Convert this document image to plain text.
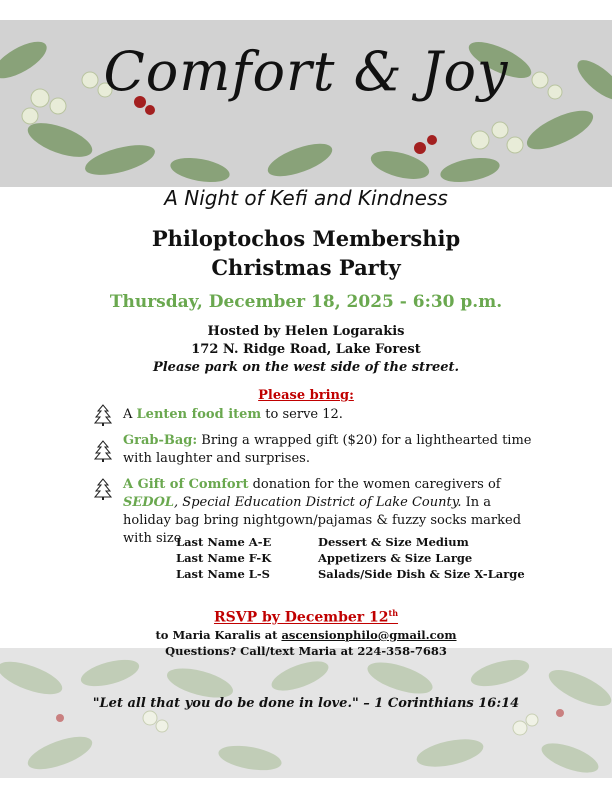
Comfort & Joy
A Night of Kefi and Kindness
Philoptochos Membership
Christmas Party
Thursday, December 18, 2025 - 6:30 p.m.
Hosted by Helen Logarakis
172 N. Ridge Road, Lake Forest
Please park on the west side of the street.
Please bring:
A Lenten food item to serve 12.
Grab-Bag: Bring a wrapped gift ($20) for a lighthearted time with laughter and surprises.
A Gift of Comfort donation for the women caregivers of SEDOL, Special Education District of Lake County. In a holiday bag bring nightgown/pajamas & fuzzy socks marked with size
Last Name A-E	Dessert & Size Medium
Last Name F-K	Appetizers & Size Large
Last Name L-S	Salads/Side Dish & Size X-Large
RSVP by December 12th
to Maria Karalis at ascensionphilo@gmail.com
Questions? Call/text Maria at 224-358-7683
"Let all that you do be done in love." – 1 Corinthians 16:14
